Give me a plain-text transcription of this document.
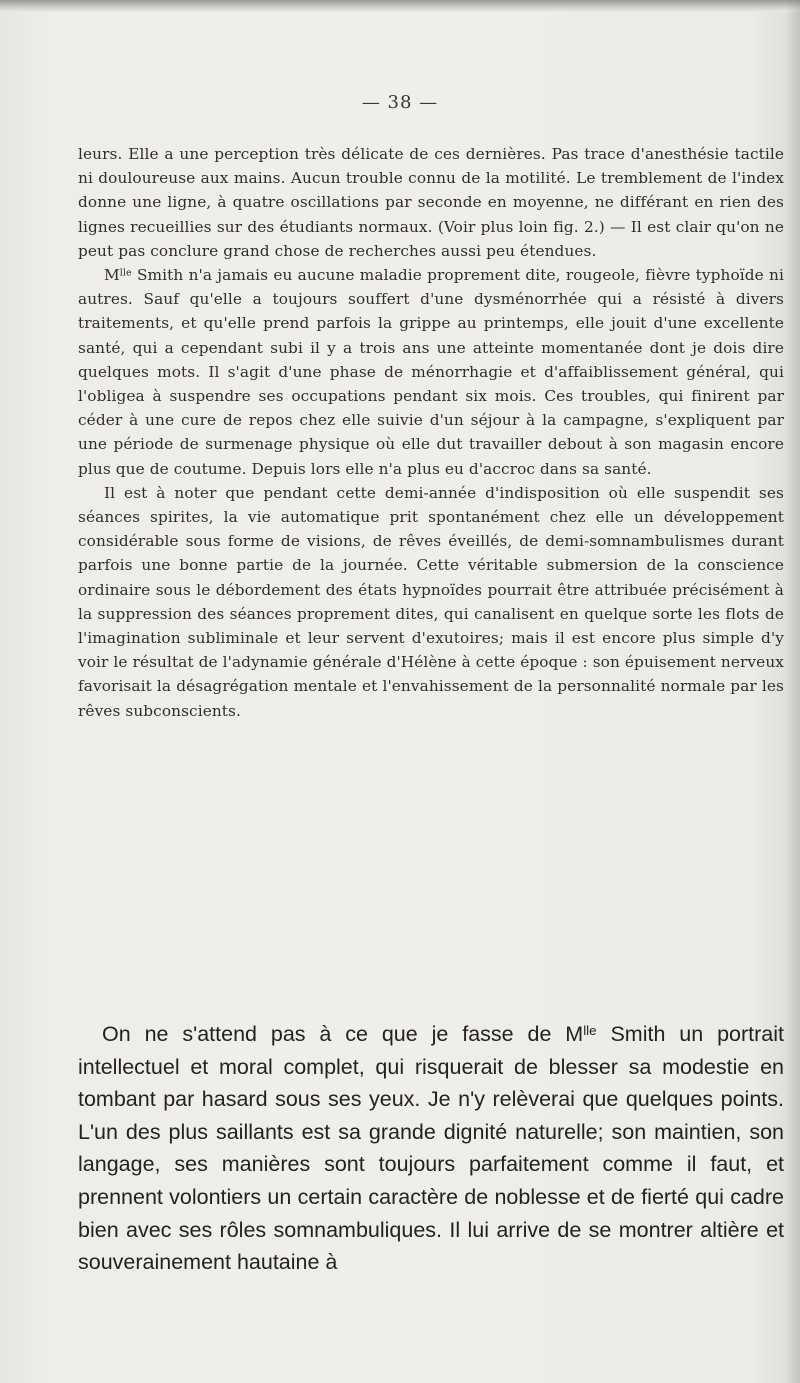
— 38 —

leurs. Elle a une perception très délicate de ces dernières. Pas trace d'anesthésie tactile ni douloureuse aux mains. Aucun trouble connu de la motilité. Le tremblement de l'index donne une ligne, à quatre oscillations par seconde en moyenne, ne différant en rien des lignes recueillies sur des étudiants normaux. (Voir plus loin fig. 2.) — Il est clair qu'on ne peut pas conclure grand chose de recherches aussi peu étendues.

$M^{lle}$ Smith n'a jamais eu aucune maladie proprement dite, rougeole, fièvre typhoïde ni autres. Sauf qu'elle a toujours souffert d'une dysménorrhée qui a résisté à divers traitements, et qu'elle prend parfois la grippe au printemps, elle jouit d'une excellente santé, qui a cependant subi il y a trois ans une atteinte momentanée dont je dois dire quelques mots. Il s'agit d'une phase de ménorrhagie et d'affaiblissement général, qui l'obligea à suspendre ses occupations pendant six mois. Ces troubles, qui finirent par céder à une cure de repos chez elle suivie d'un séjour à la campagne, s'expliquent par une période de surmenage physique où elle dut travailler debout à son magasin encore plus que de coutume. Depuis lors elle n'a plus eu d'accroc dans sa santé.

Il est à noter que pendant cette demi-année d'indisposition où elle suspendit ses séances spirites, la vie automatique prit spontanément chez elle un développement considérable sous forme de visions, de rêves éveillés, de demi-somnambulismes durant parfois une bonne partie de la journée. Cette véritable submersion de la conscience ordinaire sous le débordement des états hypnoïdes pourrait être attribuée précisément à la suppression des séances proprement dites, qui canalisent en quelque sorte les flots de l'imagination subliminale et leur servent d'exutoires; mais il est encore plus simple d'y voir le résultat de l'adynamie générale d'Hélène à cette époque : son épuisement nerveux favorisait la désagrégation mentale et l'envahissement de la personnalité normale par les rêves subconscients.

On ne s'attend pas à ce que je fasse de $M^{lle}$ Smith un portrait intellectuel et moral complet, qui risquerait de blesser sa modestie en tombant par hasard sous ses yeux. Je n'y relèverai que quelques points. L'un des plus saillants est sa grande dignité naturelle; son maintien, son langage, ses manières sont toujours parfaitement comme il faut, et prennent volontiers un certain caractère de noblesse et de fierté qui cadre bien avec ses rôles somnambuliques. Il lui arrive de se montrer altière et souverainement hautaine à
